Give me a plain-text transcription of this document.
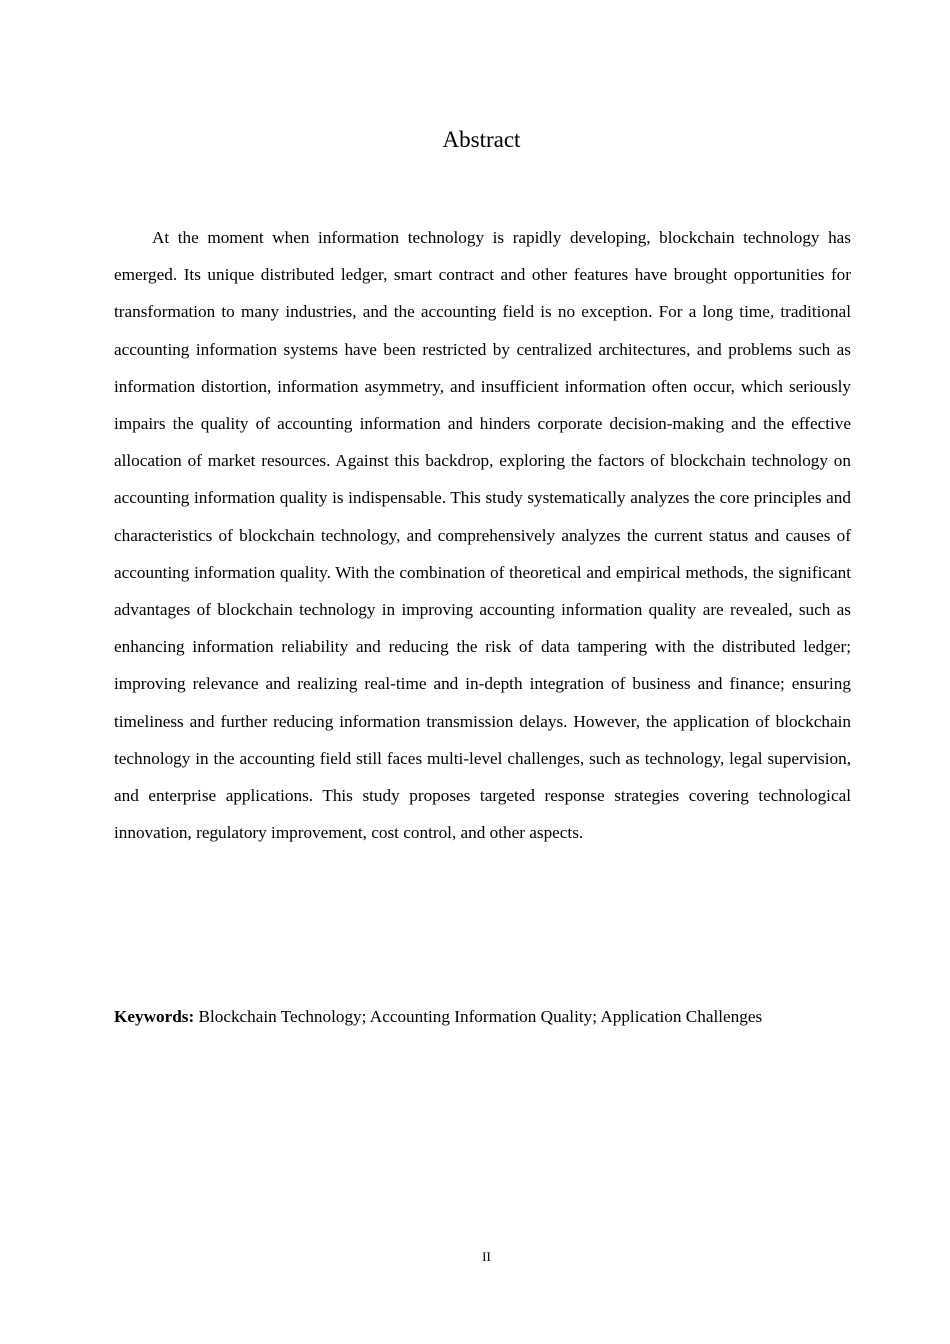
Abstract

At the moment when information technology is rapidly developing, blockchain technology has emerged. Its unique distributed ledger, smart contract and other features have brought opportunities for transformation to many industries, and the accounting field is no exception. For a long time, traditional accounting information systems have been restricted by centralized architectures, and problems such as information distortion, information asymmetry, and insufficient information often occur, which seriously impairs the quality of accounting information and hinders corporate decision-making and the effective allocation of market resources. Against this backdrop, exploring the factors of blockchain technology on accounting information quality is indispensable. This study systematically analyzes the core principles and characteristics of blockchain technology, and comprehensively analyzes the current status and causes of accounting information quality. With the combination of theoretical and empirical methods, the significant advantages of blockchain technology in improving accounting information quality are revealed, such as enhancing information reliability and reducing the risk of data tampering with the distributed ledger; improving relevance and realizing real-time and in-depth integration of business and finance; ensuring timeliness and further reducing information transmission delays. However, the application of blockchain technology in the accounting field still faces multi-level challenges, such as technology, legal supervision, and enterprise applications. This study proposes targeted response strategies covering technological innovation, regulatory improvement, cost control, and other aspects.

Keywords: Blockchain Technology; Accounting Information Quality; Application Challenges

II
